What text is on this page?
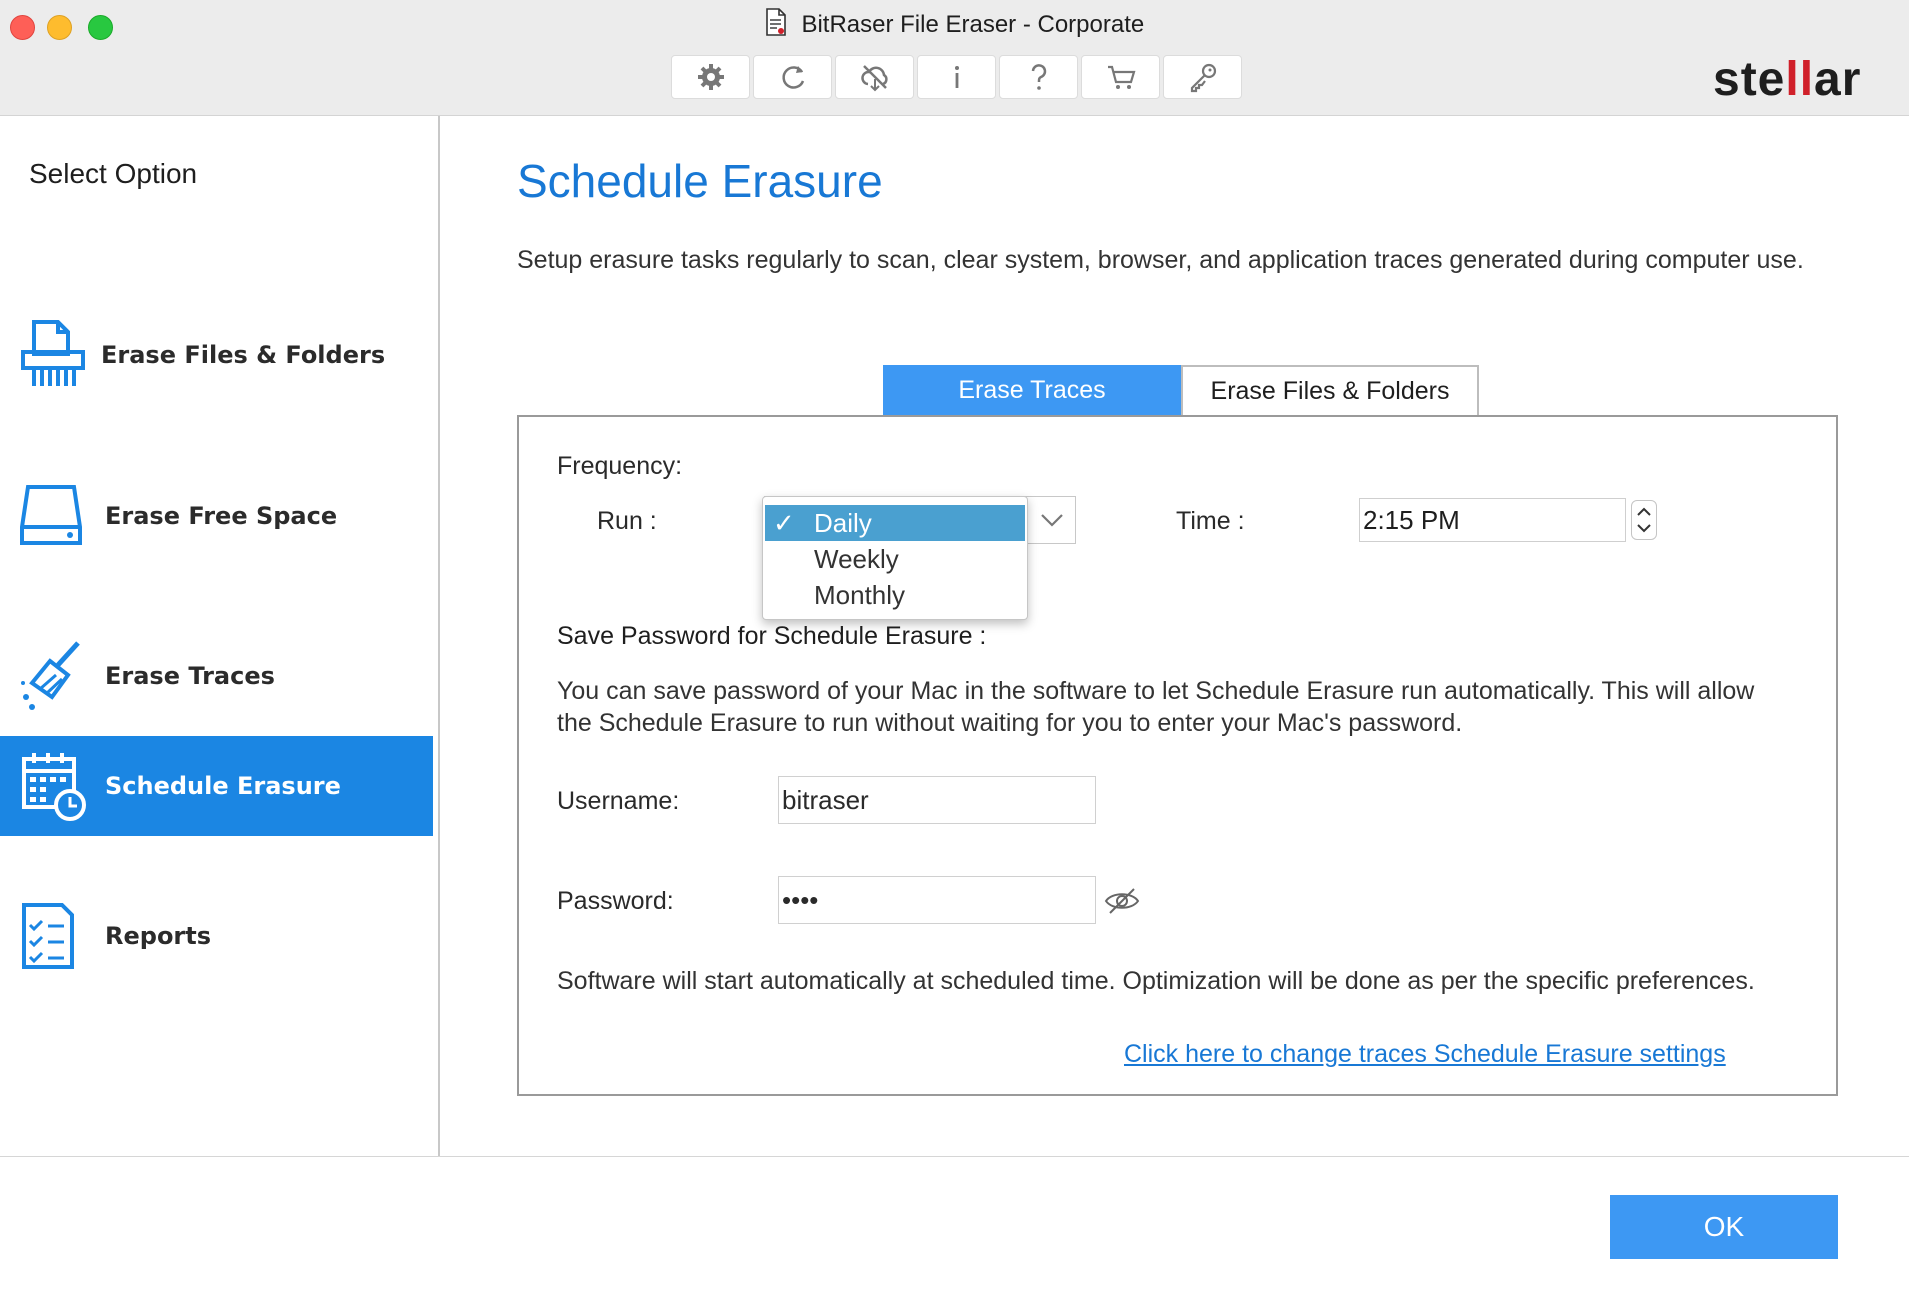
BitRaser File Eraser - Corporate
stellar
Select Option
Erase Files & Folders
Erase Free Space
Erase Traces
Schedule Erasure
Reports
Schedule Erasure
Setup erasure tasks regularly to scan, clear system, browser, and application traces generated during computer use.
Erase Traces	Erase Files & Folders
Frequency:
Run :	✓ Daily
Weekly
Monthly
Time :	2:15 PM
Save Password for Schedule Erasure :
You can save password of your Mac in the software to let Schedule Erasure run automatically. This will allow the Schedule Erasure to run without waiting for you to enter your Mac's password.
Username:	bitraser
Password:	••••
Software will start automatically at scheduled time. Optimization will be done as per the specific preferences.
Click here to change traces Schedule Erasure settings
OK
